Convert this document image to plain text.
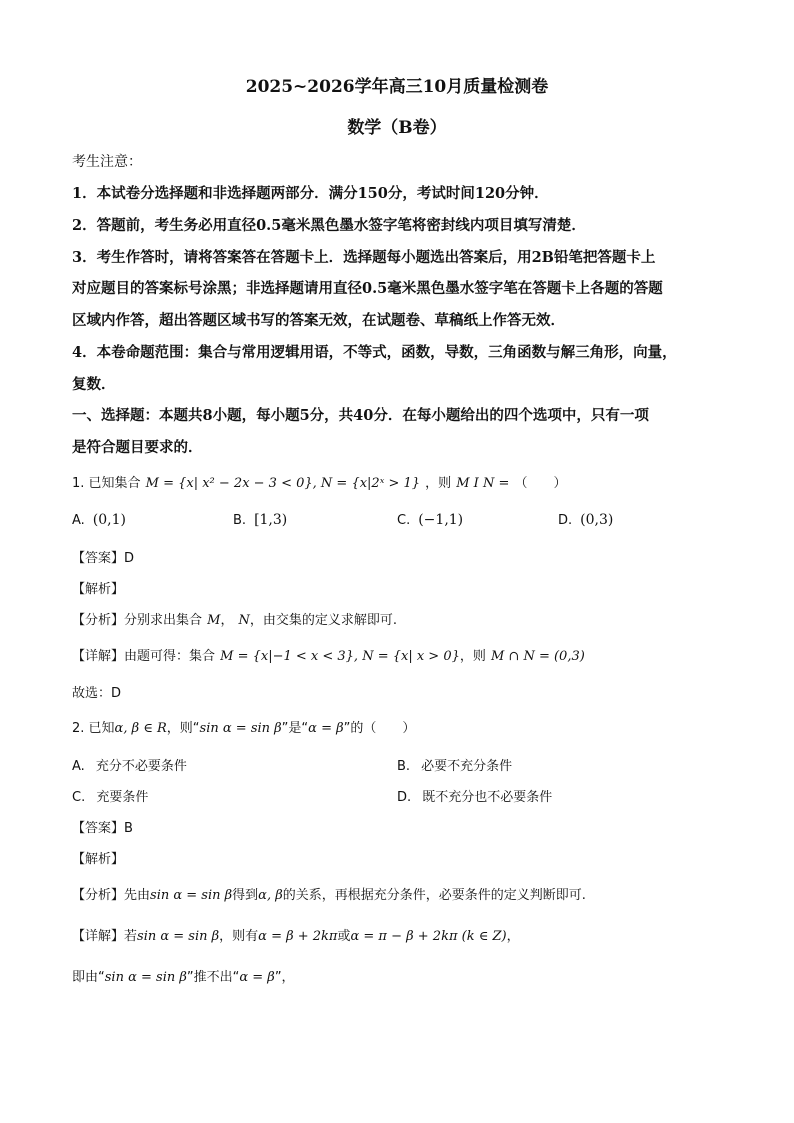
2025~2026学年高三10月质量检测卷
数学（B卷）
考生注意：
1．本试卷分选择题和非选择题两部分．满分150分，考试时间120分钟．
2．答题前，考生务必用直径0.5毫米黑色墨水签字笔将密封线内项目填写清楚．
3．考生作答时，请将答案答在答题卡上．选择题每小题选出答案后，用2B铅笔把答题卡上
对应题目的答案标号涂黑；非选择题请用直径0.5毫米黑色墨水签字笔在答题卡上各题的答题
区域内作答，超出答题区域书写的答案无效，在试题卷、草稿纸上作答无效．
4．本卷命题范围：集合与常用逻辑用语，不等式，函数，导数，三角函数与解三角形，向量，
复数．
一、选择题：本题共8小题，每小题5分，共40分．在每小题给出的四个选项中，只有一项
是符合题目要求的．
1. 已知集合 M = {x| x² − 2x − 3 < 0}, N = {x|2ˣ > 1} ，则 M I N = （　　）
A. (0,1)	B. [1,3)	C. (−1,1)	D. (0,3)
【答案】D
【解析】
【分析】分别求出集合 M， N，由交集的定义求解即可.
【详解】由题可得：集合 M = {x|−1 < x < 3}, N = {x| x > 0}，则 M ∩ N = (0,3)
故选：D
2. 已知α, β ∈ R，则“sin α = sin β”是“α = β”的（　　）
A. 充分不必要条件	B. 必要不充分条件
C. 充要条件	D. 既不充分也不必要条件
【答案】B
【解析】
【分析】先由sin α = sin β得到α, β的关系，再根据充分条件，必要条件的定义判断即可.
【详解】若sin α = sin β，则有α = β + 2kπ或α = π − β + 2kπ (k ∈ Z)，
即由“sin α = sin β”推不出“α = β”，
